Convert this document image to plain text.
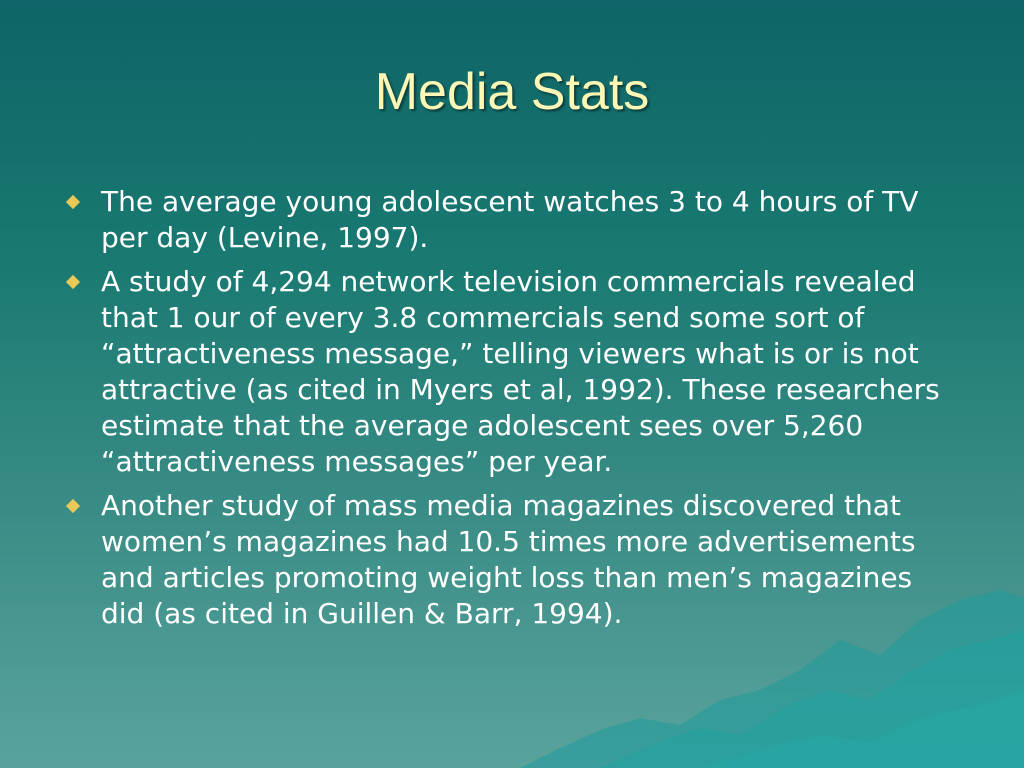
Media Stats
The average young adolescent watches 3 to 4 hours of TV per day (Levine, 1997).
A study of 4,294 network television commercials revealed that 1 our of every 3.8 commercials send some sort of “attractiveness message,” telling viewers what is or is not attractive (as cited in Myers et al, 1992). These researchers estimate that the average adolescent sees over 5,260 “attractiveness messages” per year.
Another study of mass media magazines discovered that women’s magazines had 10.5 times more advertisements and articles promoting weight loss than men’s magazines did (as cited in Guillen & Barr, 1994).
